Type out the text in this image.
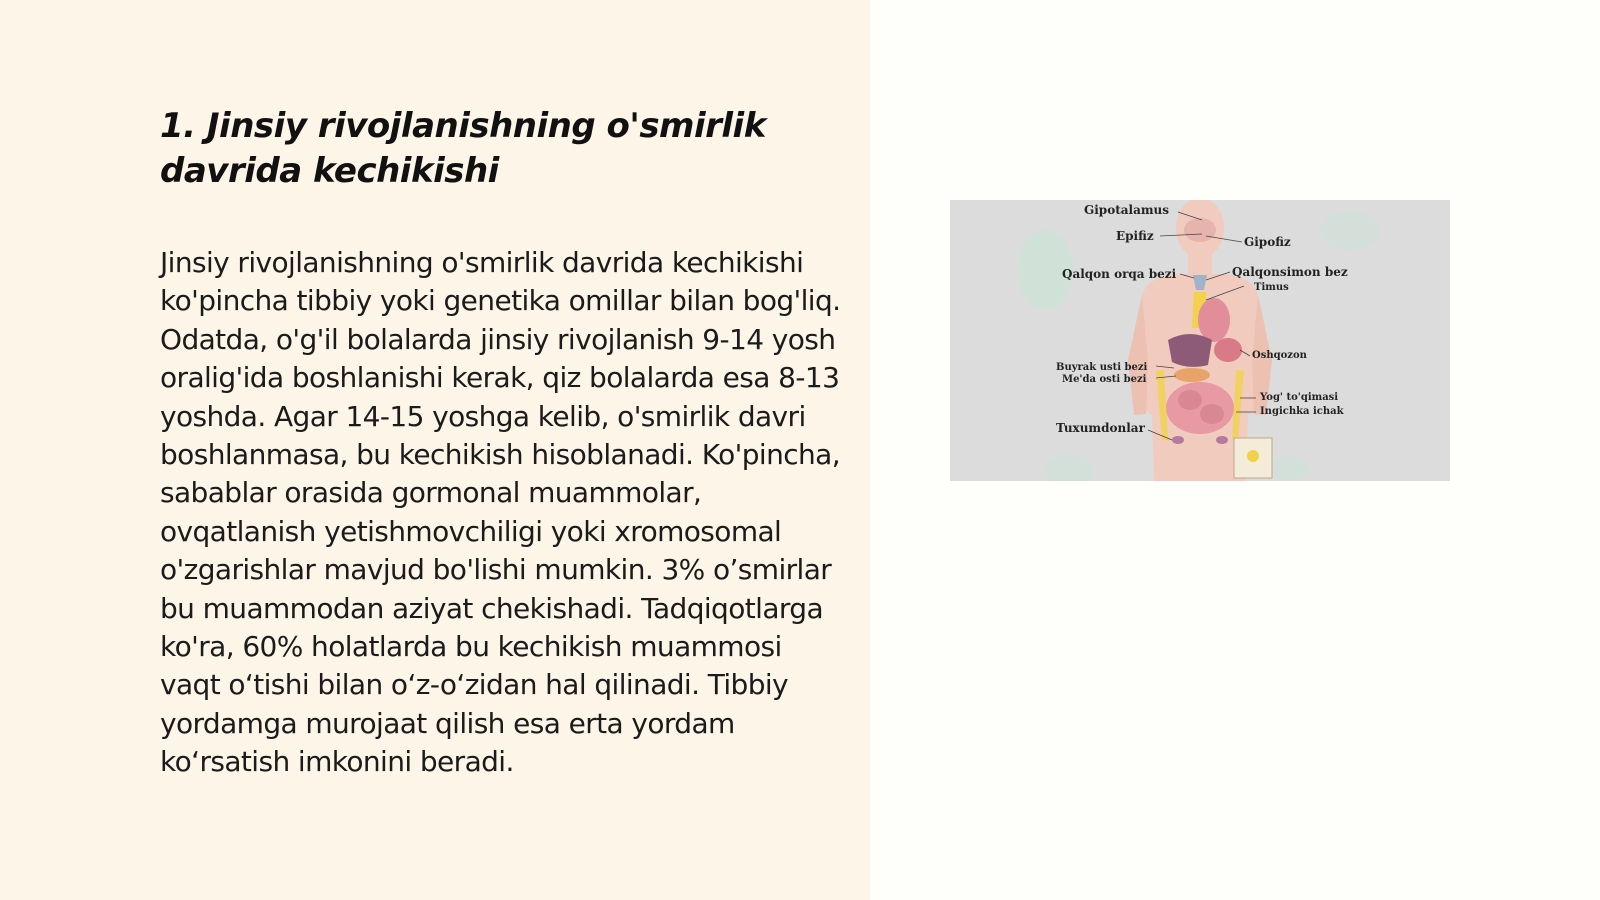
1. Jinsiy rivojlanishning o'smirlik davrida kechikishi

Jinsiy rivojlanishning o'smirlik davrida kechikishi ko'pincha tibbiy yoki genetika omillar bilan bog'liq. Odatda, o'g'il bolalarda jinsiy rivojlanish 9-14 yosh oralig'ida boshlanishi kerak, qiz bolalarda esa 8-13 yoshda. Agar 14-15 yoshga kelib, o'smirlik davri boshlanmasa, bu kechikish hisoblanadi. Ko'pincha, sabablar orasida gormonal muammolar, ovqatlanish yetishmovchiligi yoki xromosomal o'zgarishlar mavjud bo'lishi mumkin. 3% o’smirlar bu muammodan aziyat chekishadi. Tadqiqotlarga ko'ra, 60% holatlarda bu kechikish muammosi vaqt o‘tishi bilan o‘z-o‘zidan hal qilinadi. Tibbiy yordamga murojaat qilish esa erta yordam ko‘rsatish imkonini beradi.

Gipotalamus
Epifiz	Gipofiz
Qalqon orqa bezi	Qalqonsimon bez
Timus
Oshqozon
Buyrak usti bezi
Me'da osti bezi
Yog' to'qimasi
Ingichka ichak
Tuxumdonlar
